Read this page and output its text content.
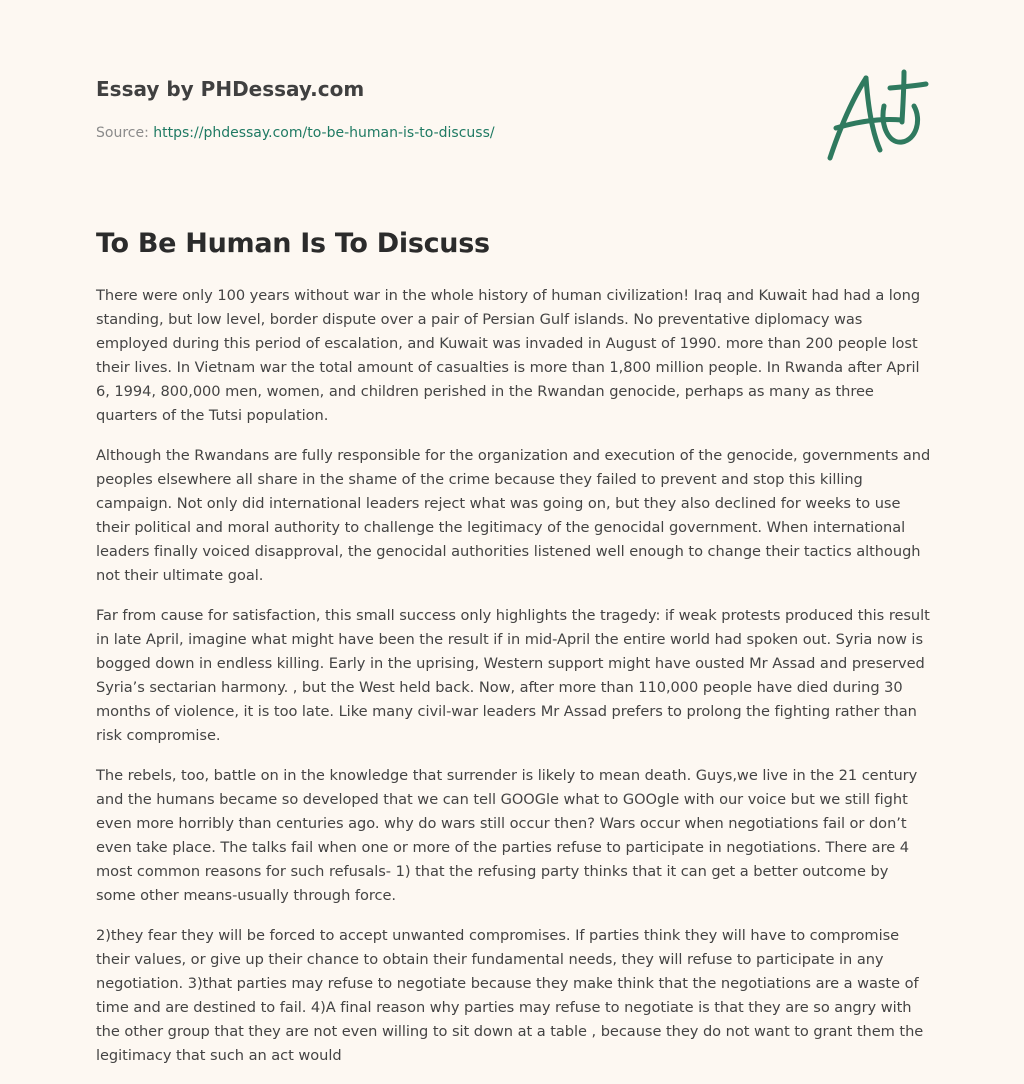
Essay by PHDessay.com
Source: https://phdessay.com/to-be-human-is-to-discuss/
To Be Human Is To Discuss

There were only 100 years without war in the whole history of human civilization! Iraq and Kuwait had had a long standing, but low level, border dispute over a pair of Persian Gulf islands. No preventative diplomacy was employed during this period of escalation, and Kuwait was invaded in August of 1990. more than 200 people lost their lives. In Vietnam war the total amount of casualties is more than 1,800 million people. In Rwanda after April 6, 1994, 800,000 men, women, and children perished in the Rwandan genocide, perhaps as many as three quarters of the Tutsi population.

Although the Rwandans are fully responsible for the organization and execution of the genocide, governments and peoples elsewhere all share in the shame of the crime because they failed to prevent and stop this killing campaign. Not only did international leaders reject what was going on, but they also declined for weeks to use their political and moral authority to challenge the legitimacy of the genocidal government. When international leaders finally voiced disapproval, the genocidal authorities listened well enough to change their tactics although not their ultimate goal.

Far from cause for satisfaction, this small success only highlights the tragedy: if weak protests produced this result in late April, imagine what might have been the result if in mid-April the entire world had spoken out. Syria now is bogged down in endless killing. Early in the uprising, Western support might have ousted Mr Assad and preserved Syria’s sectarian harmony. , but the West held back. Now, after more than 110,000 people have died during 30 months of violence, it is too late. Like many civil-war leaders Mr Assad prefers to prolong the fighting rather than risk compromise.

The rebels, too, battle on in the knowledge that surrender is likely to mean death. Guys,we live in the 21 century and the humans became so developed that we can tell GOOGle what to GOOgle with our voice but we still fight even more horribly than centuries ago. why do wars still occur then? Wars occur when negotiations fail or don’t even take place. The talks fail when one or more of the parties refuse to participate in negotiations. There are 4 most common reasons for such refusals- 1) that the refusing party thinks that it can get a better outcome by some other means-usually through force.

2)they fear they will be forced to accept unwanted compromises. If parties think they will have to compromise their values, or give up their chance to obtain their fundamental needs, they will refuse to participate in any negotiation. 3)that parties may refuse to negotiate because they make think that the negotiations are a waste of time and are destined to fail. 4)A final reason why parties may refuse to negotiate is that they are so angry with the other group that they are not even willing to sit down at a table , because they do not want to grant them the legitimacy that such an act would
